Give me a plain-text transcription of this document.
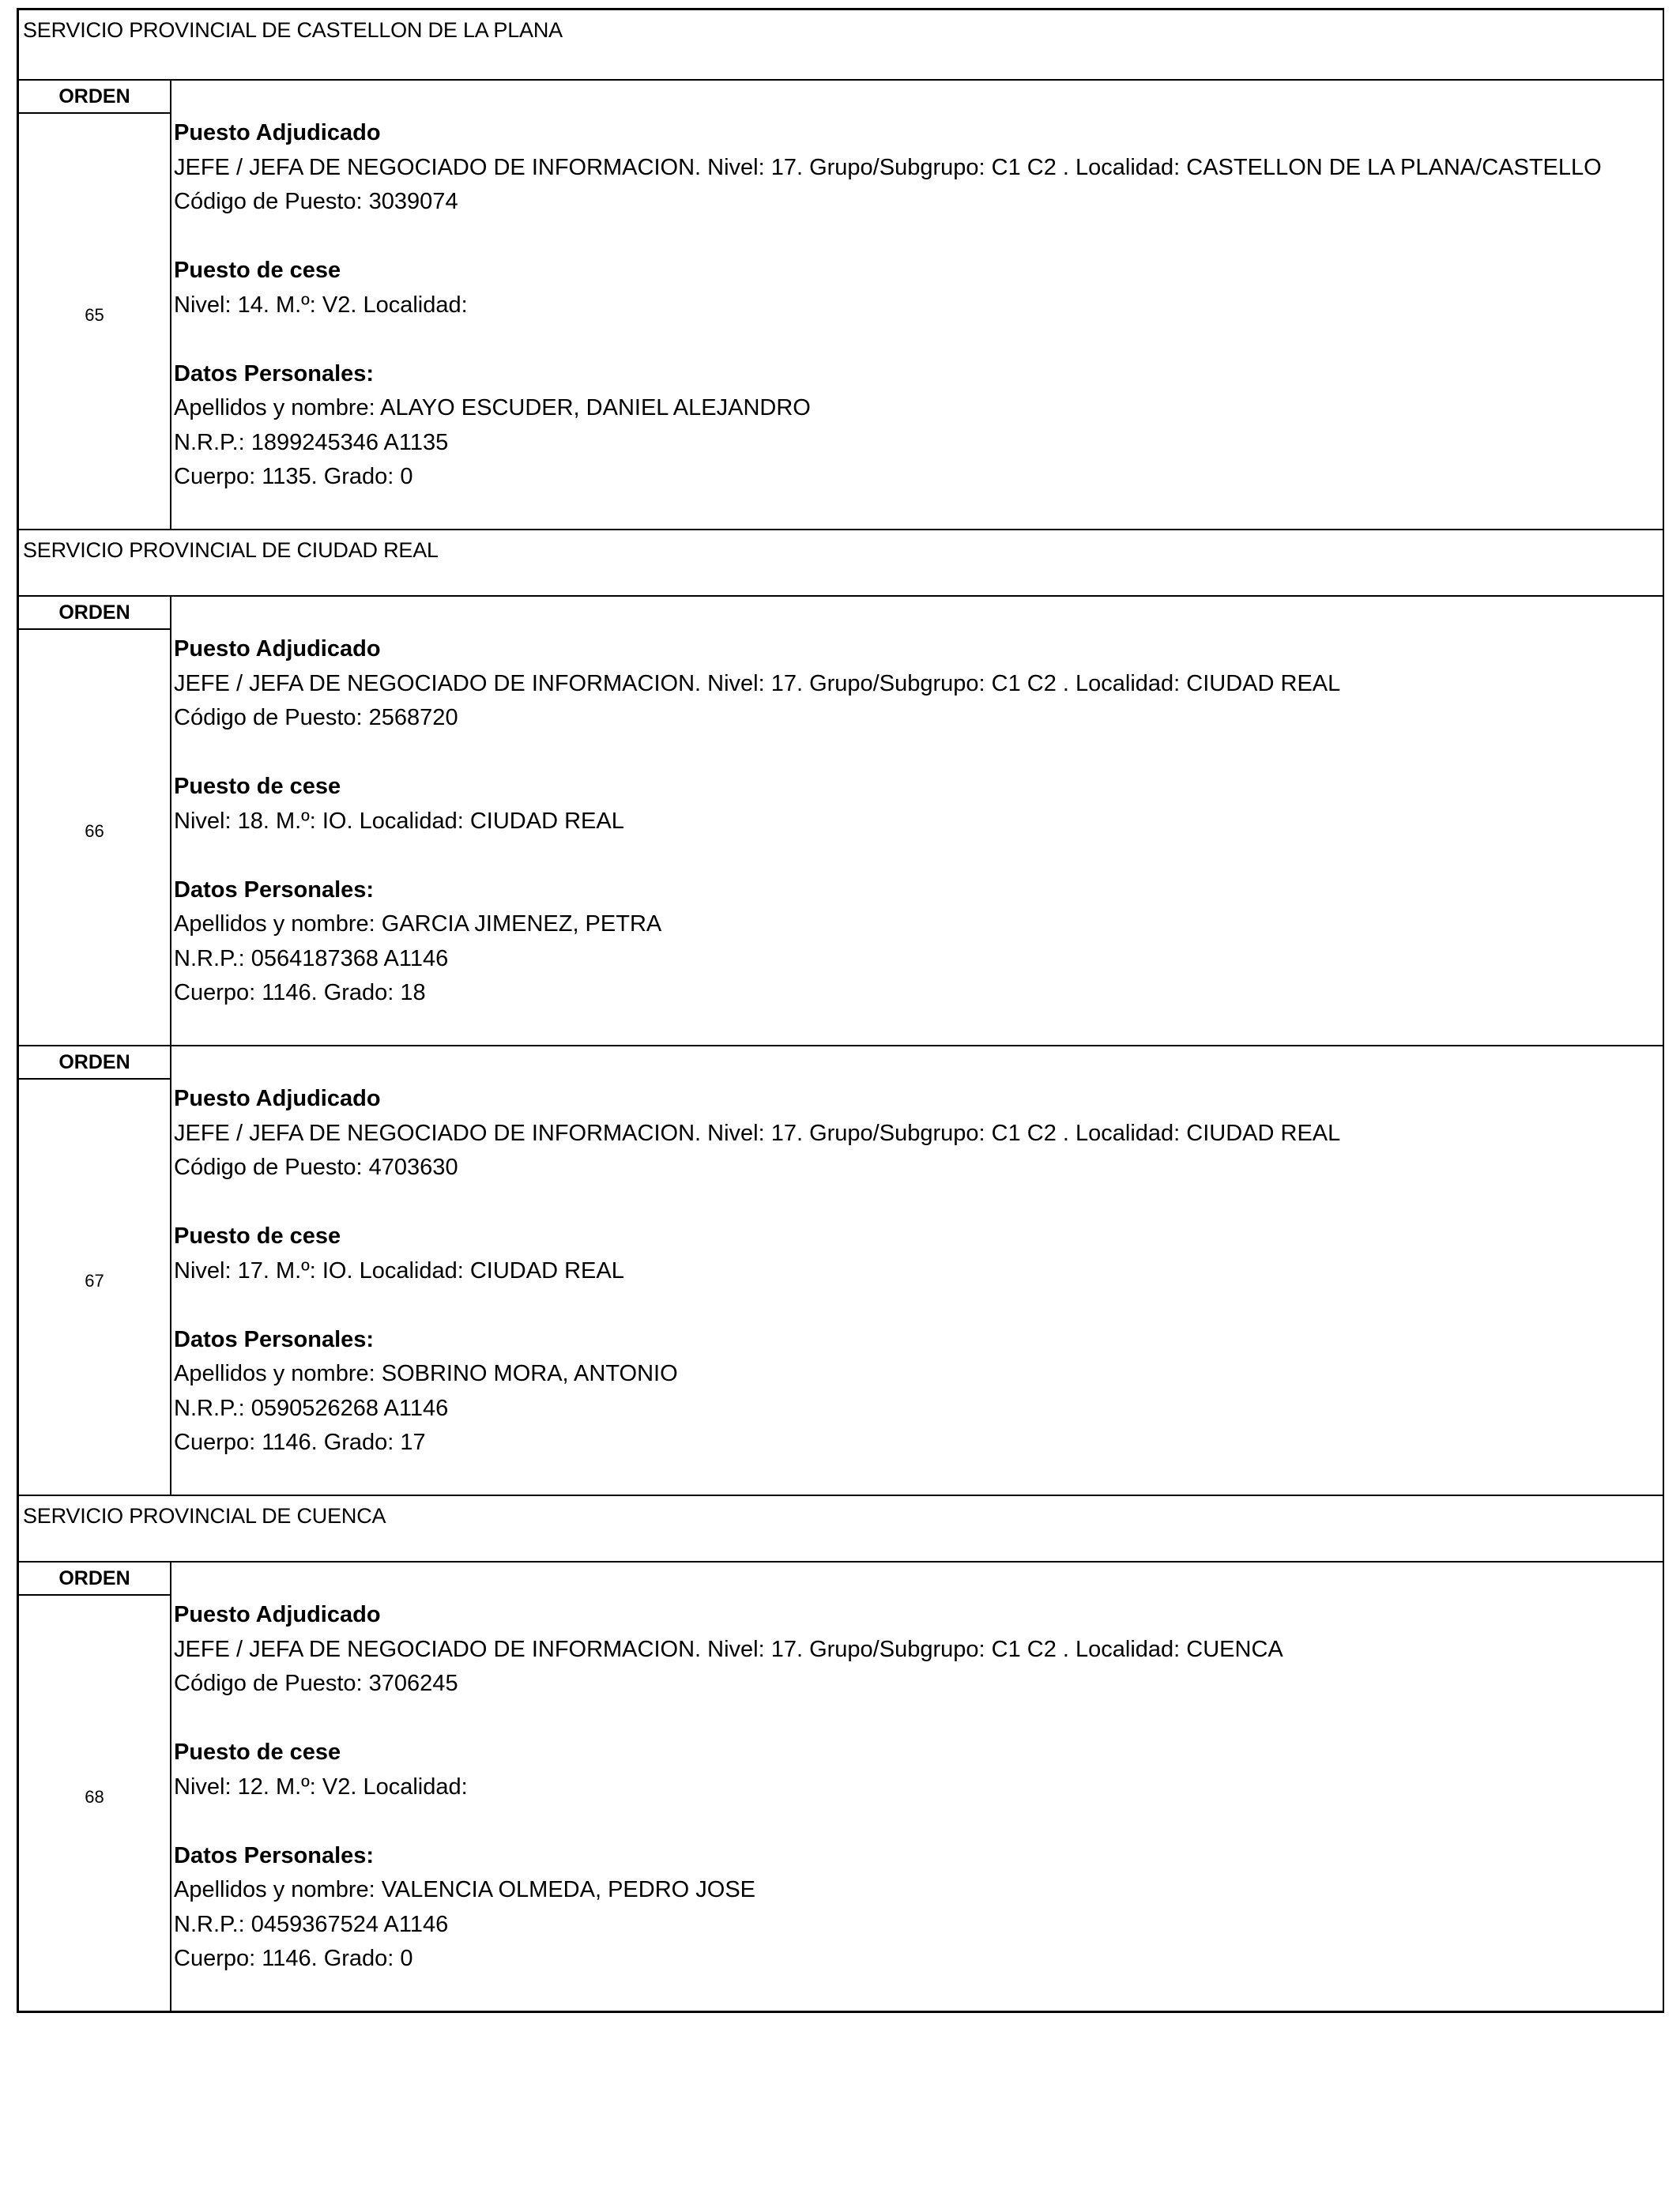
SERVICIO PROVINCIAL DE CASTELLON DE LA PLANA
ORDEN
65
Puesto Adjudicado
JEFE / JEFA DE NEGOCIADO DE INFORMACION. Nivel: 17. Grupo/Subgrupo: C1 C2 . Localidad: CASTELLON DE LA PLANA/CASTELLO
Código de Puesto: 3039074
Puesto de cese
Nivel: 14. M.º: V2. Localidad:
Datos Personales:
Apellidos y nombre: ALAYO ESCUDER, DANIEL ALEJANDRO
N.R.P.: 1899245346 A1135
Cuerpo: 1135. Grado: 0
SERVICIO PROVINCIAL DE CIUDAD REAL
ORDEN
66
Puesto Adjudicado
JEFE / JEFA DE NEGOCIADO DE INFORMACION. Nivel: 17. Grupo/Subgrupo: C1 C2 . Localidad: CIUDAD REAL
Código de Puesto: 2568720
Puesto de cese
Nivel: 18. M.º: IO. Localidad: CIUDAD REAL
Datos Personales:
Apellidos y nombre: GARCIA JIMENEZ, PETRA
N.R.P.: 0564187368 A1146
Cuerpo: 1146. Grado: 18
ORDEN
67
Puesto Adjudicado
JEFE / JEFA DE NEGOCIADO DE INFORMACION. Nivel: 17. Grupo/Subgrupo: C1 C2 . Localidad: CIUDAD REAL
Código de Puesto: 4703630
Puesto de cese
Nivel: 17. M.º: IO. Localidad: CIUDAD REAL
Datos Personales:
Apellidos y nombre: SOBRINO MORA, ANTONIO
N.R.P.: 0590526268 A1146
Cuerpo: 1146. Grado: 17
SERVICIO PROVINCIAL DE CUENCA
ORDEN
68
Puesto Adjudicado
JEFE / JEFA DE NEGOCIADO DE INFORMACION. Nivel: 17. Grupo/Subgrupo: C1 C2 . Localidad: CUENCA
Código de Puesto: 3706245
Puesto de cese
Nivel: 12. M.º: V2. Localidad:
Datos Personales:
Apellidos y nombre: VALENCIA OLMEDA, PEDRO JOSE
N.R.P.: 0459367524 A1146
Cuerpo: 1146. Grado: 0
